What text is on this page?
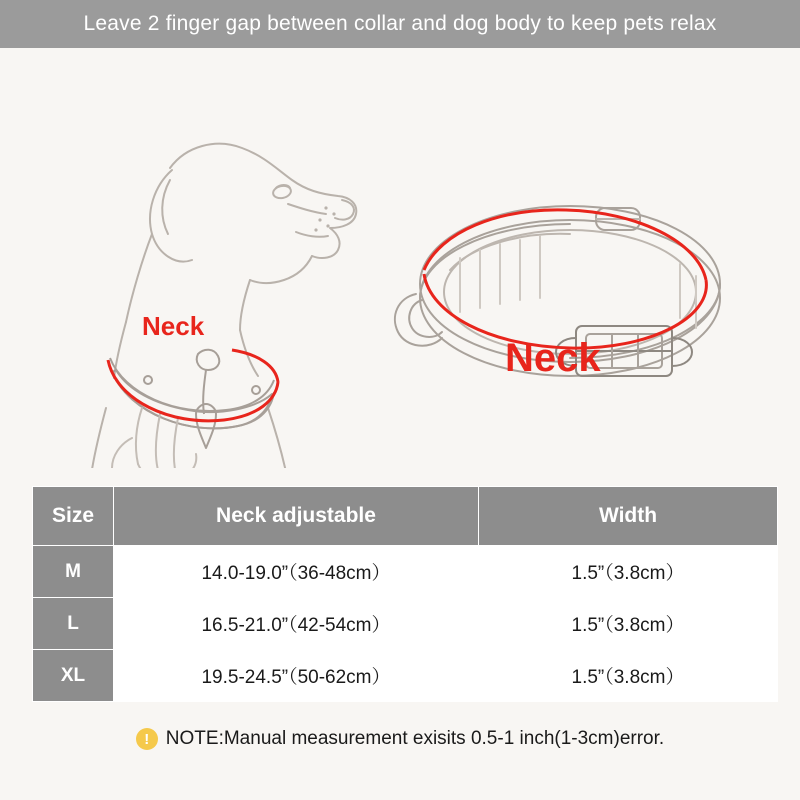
Leave 2 finger gap between collar and dog body to keep pets relax
Neck
Neck
Size	Neck adjustable	Width
M	14.0-19.0”（36-48cm）	1.5”（3.8cm）
L	16.5-21.0”（42-54cm）	1.5”（3.8cm）
XL	19.5-24.5”（50-62cm）	1.5”（3.8cm）
! NOTE:Manual measurement exisits 0.5-1 inch(1-3cm)error.
